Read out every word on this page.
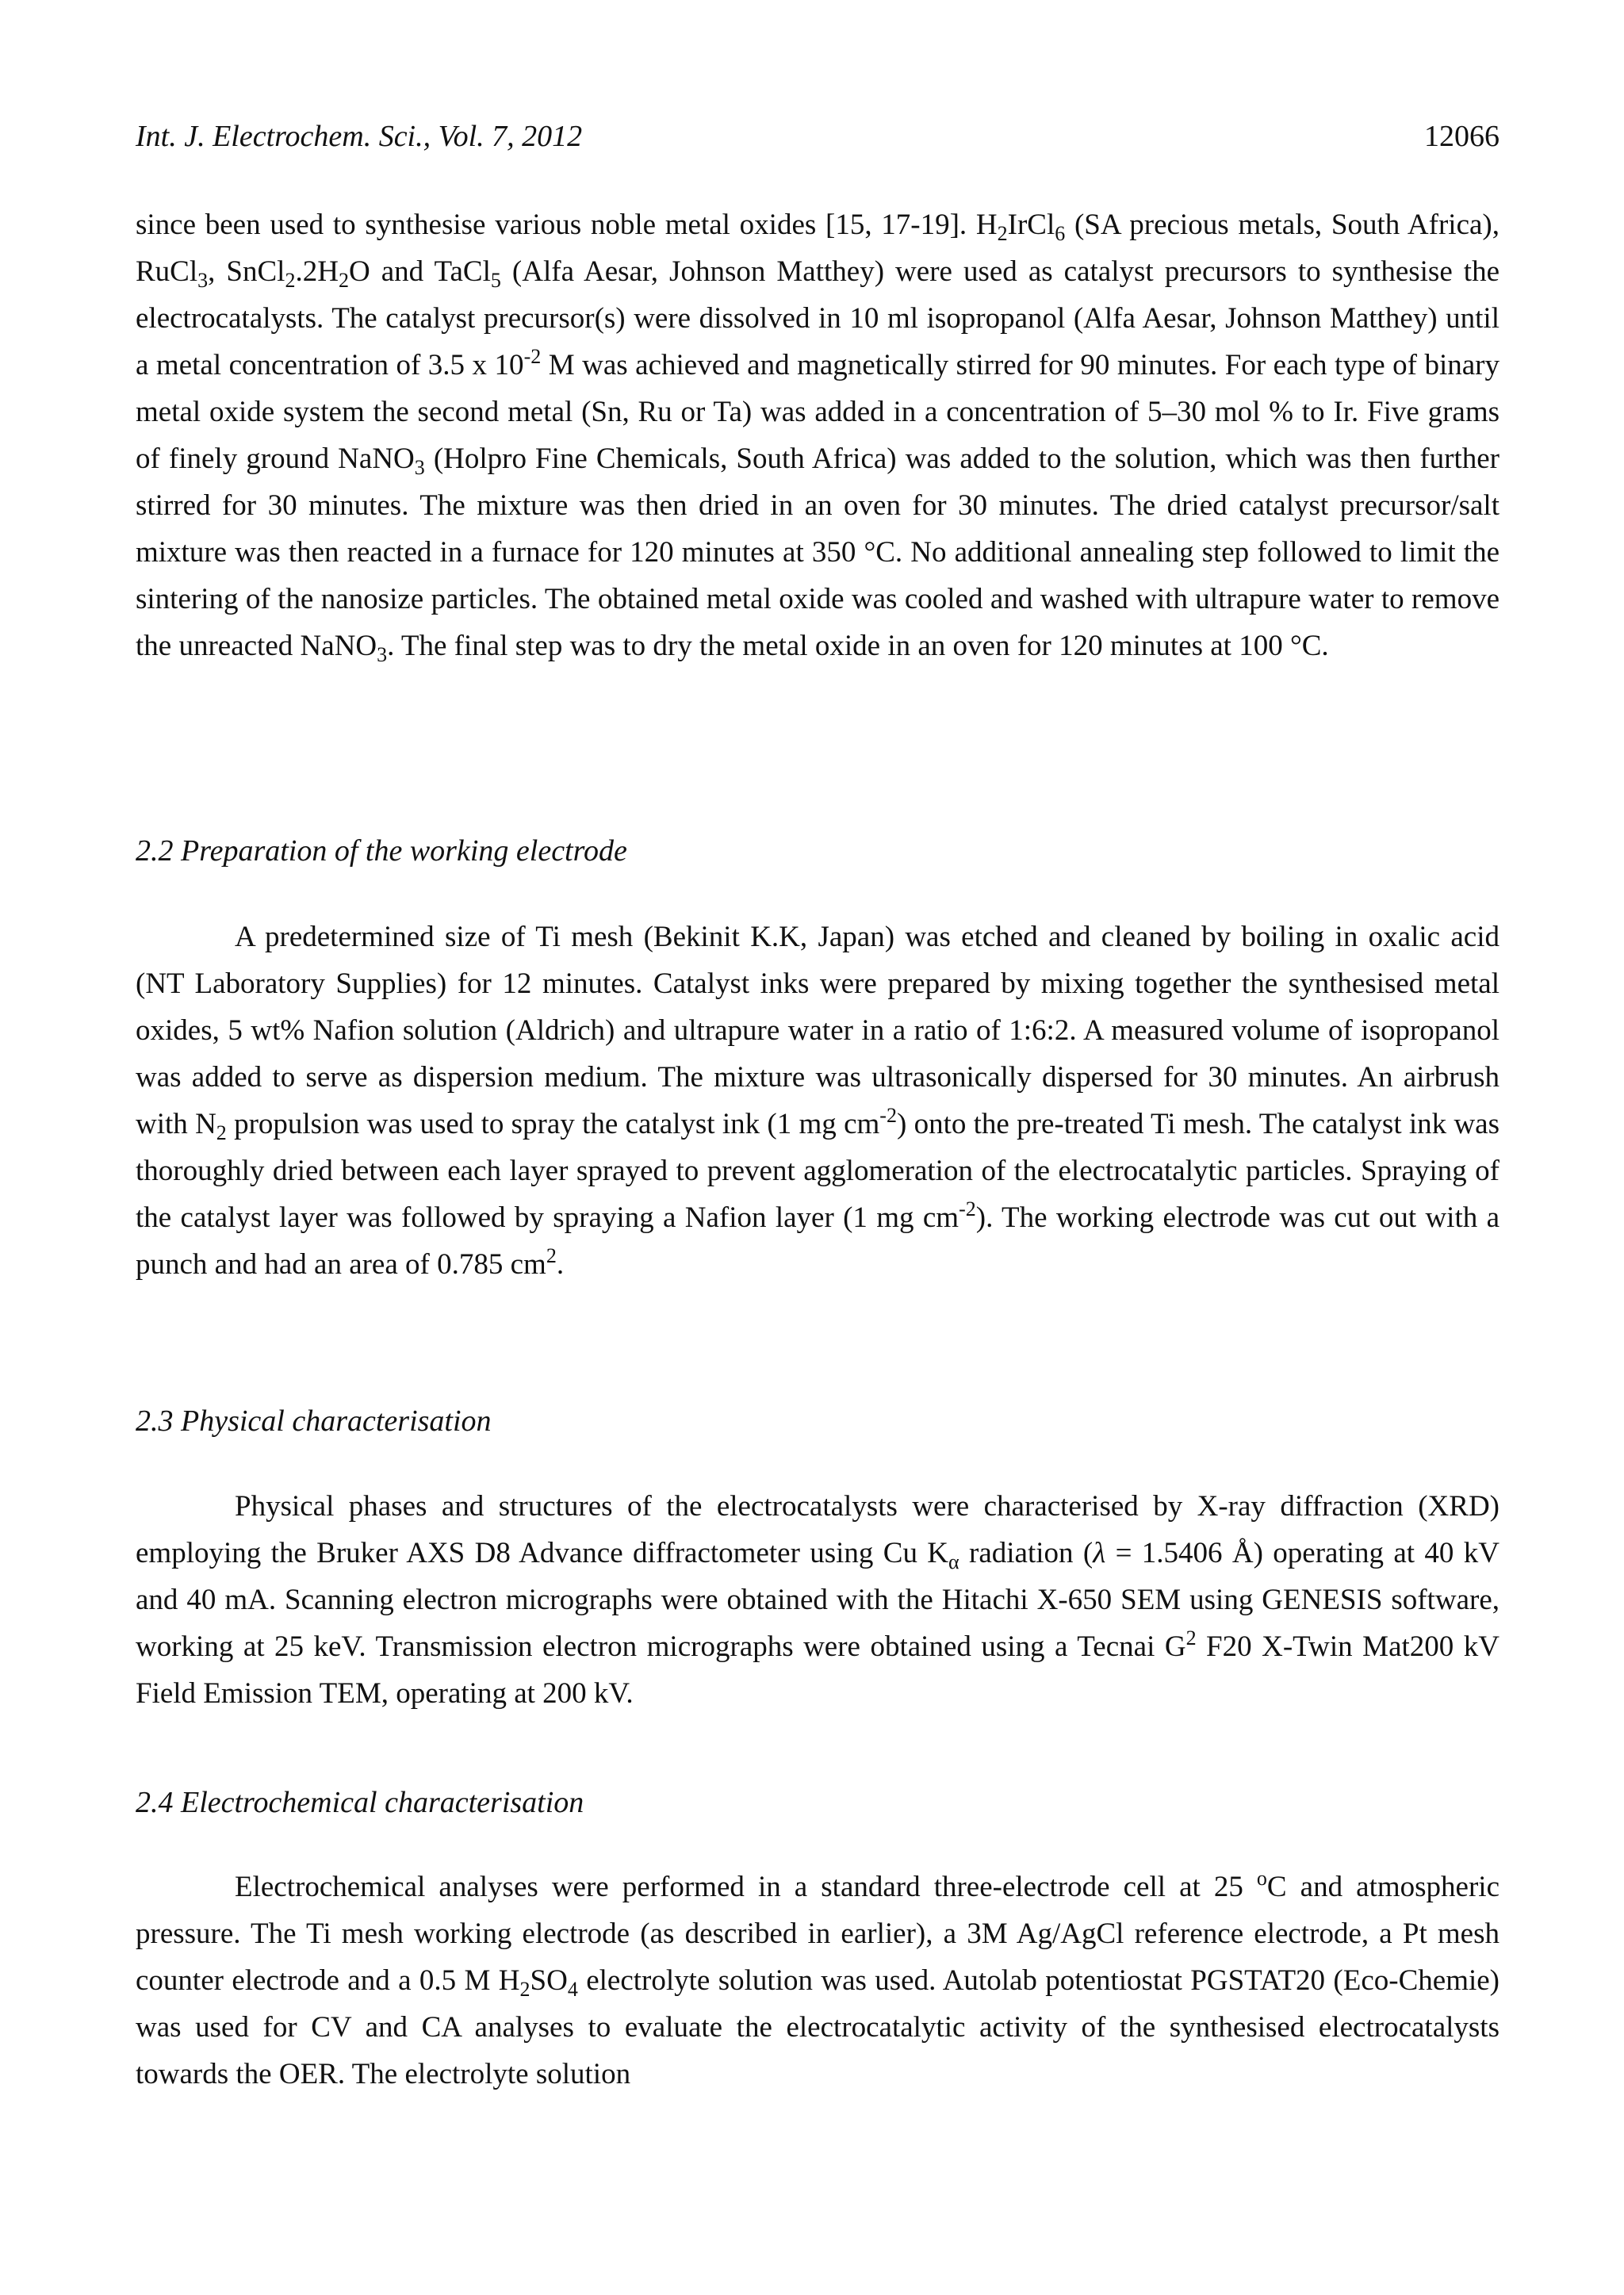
Int. J. Electrochem. Sci., Vol. 7, 2012	12066

since been used to synthesise various noble metal oxides [15, 17-19]. $H_2IrCl_6$ (SA precious metals, South Africa), RuCl$_3$, $SnCl_2.2H_2O$ and TaCl$_5$ (Alfa Aesar, Johnson Matthey) were used as catalyst precursors to synthesise the electrocatalysts. The catalyst precursor(s) were dissolved in 10 ml isopropanol (Alfa Aesar, Johnson Matthey) until a metal concentration of 3.5 x $10^{-2}$ M was achieved and magnetically stirred for 90 minutes. For each type of binary metal oxide system the second metal (Sn, Ru or Ta) was added in a concentration of 5–30 mol % to Ir. Five grams of finely ground NaNO$_3$ (Holpro Fine Chemicals, South Africa) was added to the solution, which was then further stirred for 30 minutes. The mixture was then dried in an oven for 30 minutes. The dried catalyst precursor/salt mixture was then reacted in a furnace for 120 minutes at 350 °C. No additional annealing step followed to limit the sintering of the nanosize particles. The obtained metal oxide was cooled and washed with ultrapure water to remove the unreacted NaNO$_3$. The final step was to dry the metal oxide in an oven for 120 minutes at 100 °C.

2.2 Preparation of the working electrode

A predetermined size of Ti mesh (Bekinit K.K, Japan) was etched and cleaned by boiling in oxalic acid (NT Laboratory Supplies) for 12 minutes. Catalyst inks were prepared by mixing together the synthesised metal oxides, 5 wt% Nafion solution (Aldrich) and ultrapure water in a ratio of 1:6:2. A measured volume of isopropanol was added to serve as dispersion medium. The mixture was ultrasonically dispersed for 30 minutes. An airbrush with $N_2$ propulsion was used to spray the catalyst ink (1 mg $cm^{-2}$) onto the pre-treated Ti mesh. The catalyst ink was thoroughly dried between each layer sprayed to prevent agglomeration of the electrocatalytic particles. Spraying of the catalyst layer was followed by spraying a Nafion layer (1 mg $cm^{-2}$). The working electrode was cut out with a punch and had an area of 0.785 $cm^2$.

2.3 Physical characterisation

Physical phases and structures of the electrocatalysts were characterised by X-ray diffraction (XRD) employing the Bruker AXS D8 Advance diffractometer using Cu $K_\alpha$ radiation (λ = 1.5406 Å) operating at 40 kV and 40 mA. Scanning electron micrographs were obtained with the Hitachi X-650 SEM using GENESIS software, working at 25 keV. Transmission electron micrographs were obtained using a Tecnai $G^2$ F20 X-Twin Mat200 kV Field Emission TEM, operating at 200 kV.

2.4 Electrochemical characterisation

Electrochemical analyses were performed in a standard three-electrode cell at 25 $^o$C and atmospheric pressure. The Ti mesh working electrode (as described in earlier), a 3M Ag/AgCl reference electrode, a Pt mesh counter electrode and a 0.5 M $H_2SO_4$ electrolyte solution was used. Autolab potentiostat PGSTAT20 (Eco-Chemie) was used for CV and CA analyses to evaluate the electrocatalytic activity of the synthesised electrocatalysts towards the OER. The electrolyte solution
